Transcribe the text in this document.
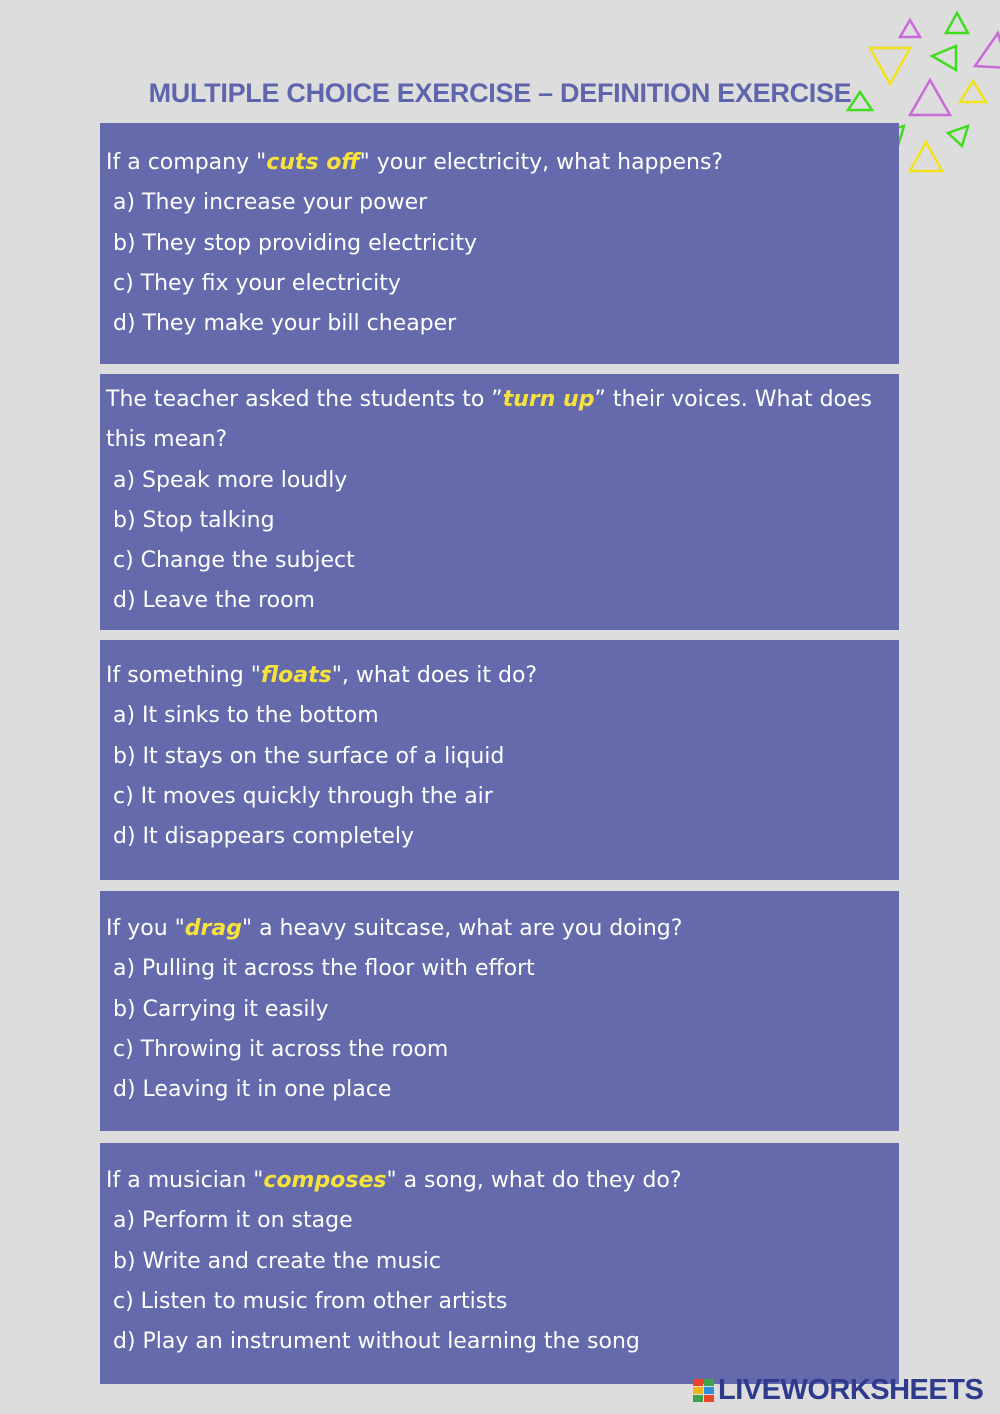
MULTIPLE CHOICE EXERCISE – DEFINITION EXERCISE

If a company "cuts off" your electricity, what happens?

a) They increase your power

b) They stop providing electricity

c) They fix your electricity

d) They make your bill cheaper

The teacher asked the students to ”turn up” their voices. What does this mean?

a) Speak more loudly

b) Stop talking

c) Change the subject

d) Leave the room

If something "floats", what does it do?

a) It sinks to the bottom

b) It stays on the surface of a liquid

c) It moves quickly through the air

d) It disappears completely

If you "drag" a heavy suitcase, what are you doing?

a) Pulling it across the floor with effort

b) Carrying it easily

c) Throwing it across the room

d) Leaving it in one place

If a musician "composes" a song, what do they do?

a) Perform it on stage

b) Write and create the music

c) Listen to music from other artists

d) Play an instrument without learning the song

LIVEWORKSHEETS
